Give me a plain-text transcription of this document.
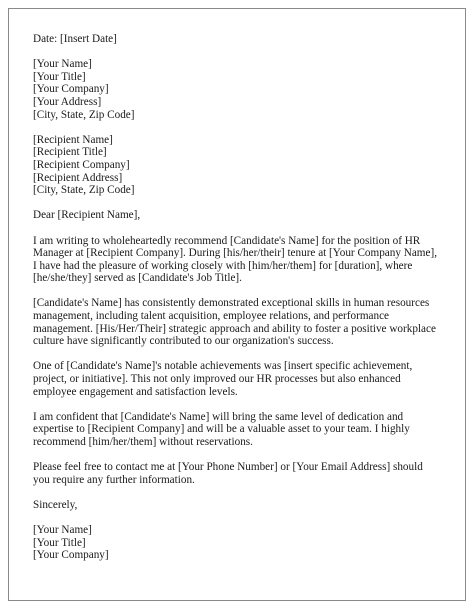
Date: [Insert Date]
[Your Name]
[Your Title]
[Your Company]
[Your Address]
[City, State, Zip Code]
[Recipient Name]
[Recipient Title]
[Recipient Company]
[Recipient Address]
[City, State, Zip Code]
Dear [Recipient Name],

I am writing to wholeheartedly recommend [Candidate's Name] for the position of HR
Manager at [Recipient Company]. During [his/her/their] tenure at [Your Company Name],
I have had the pleasure of working closely with [him/her/them] for [duration], where
[he/she/they] served as [Candidate's Job Title].

[Candidate's Name] has consistently demonstrated exceptional skills in human resources
management, including talent acquisition, employee relations, and performance
management. [His/Her/Their] strategic approach and ability to foster a positive workplace
culture have significantly contributed to our organization's success.

One of [Candidate's Name]'s notable achievements was [insert specific achievement,
project, or initiative]. This not only improved our HR processes but also enhanced
employee engagement and satisfaction levels.

I am confident that [Candidate's Name] will bring the same level of dedication and
expertise to [Recipient Company] and will be a valuable asset to your team. I highly
recommend [him/her/them] without reservations.

Please feel free to contact me at [Your Phone Number] or [Your Email Address] should
you require any further information.

Sincerely,
[Your Name]
[Your Title]
[Your Company]
